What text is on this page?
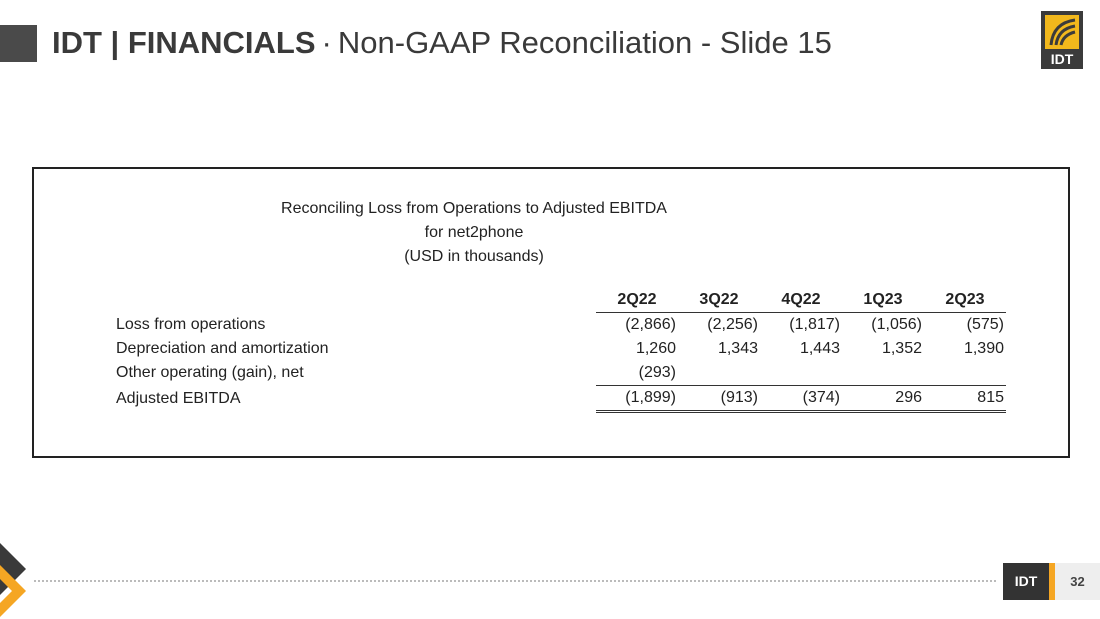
IDT | FINANCIALS · Non-GAAP Reconciliation - Slide 15	IDT
Reconciling Loss from Operations to Adjusted EBITDA
for net2phone
(USD in thousands)
	2Q22	3Q22	4Q22	1Q23	2Q23
Loss from operations	(2,866)	(2,256)	(1,817)	(1,056)	(575)
Depreciation and amortization	1,260	1,343	1,443	1,352	1,390
Other operating (gain), net	(293)				
Adjusted EBITDA	(1,899)	(913)	(374)	296	815
IDT	32
